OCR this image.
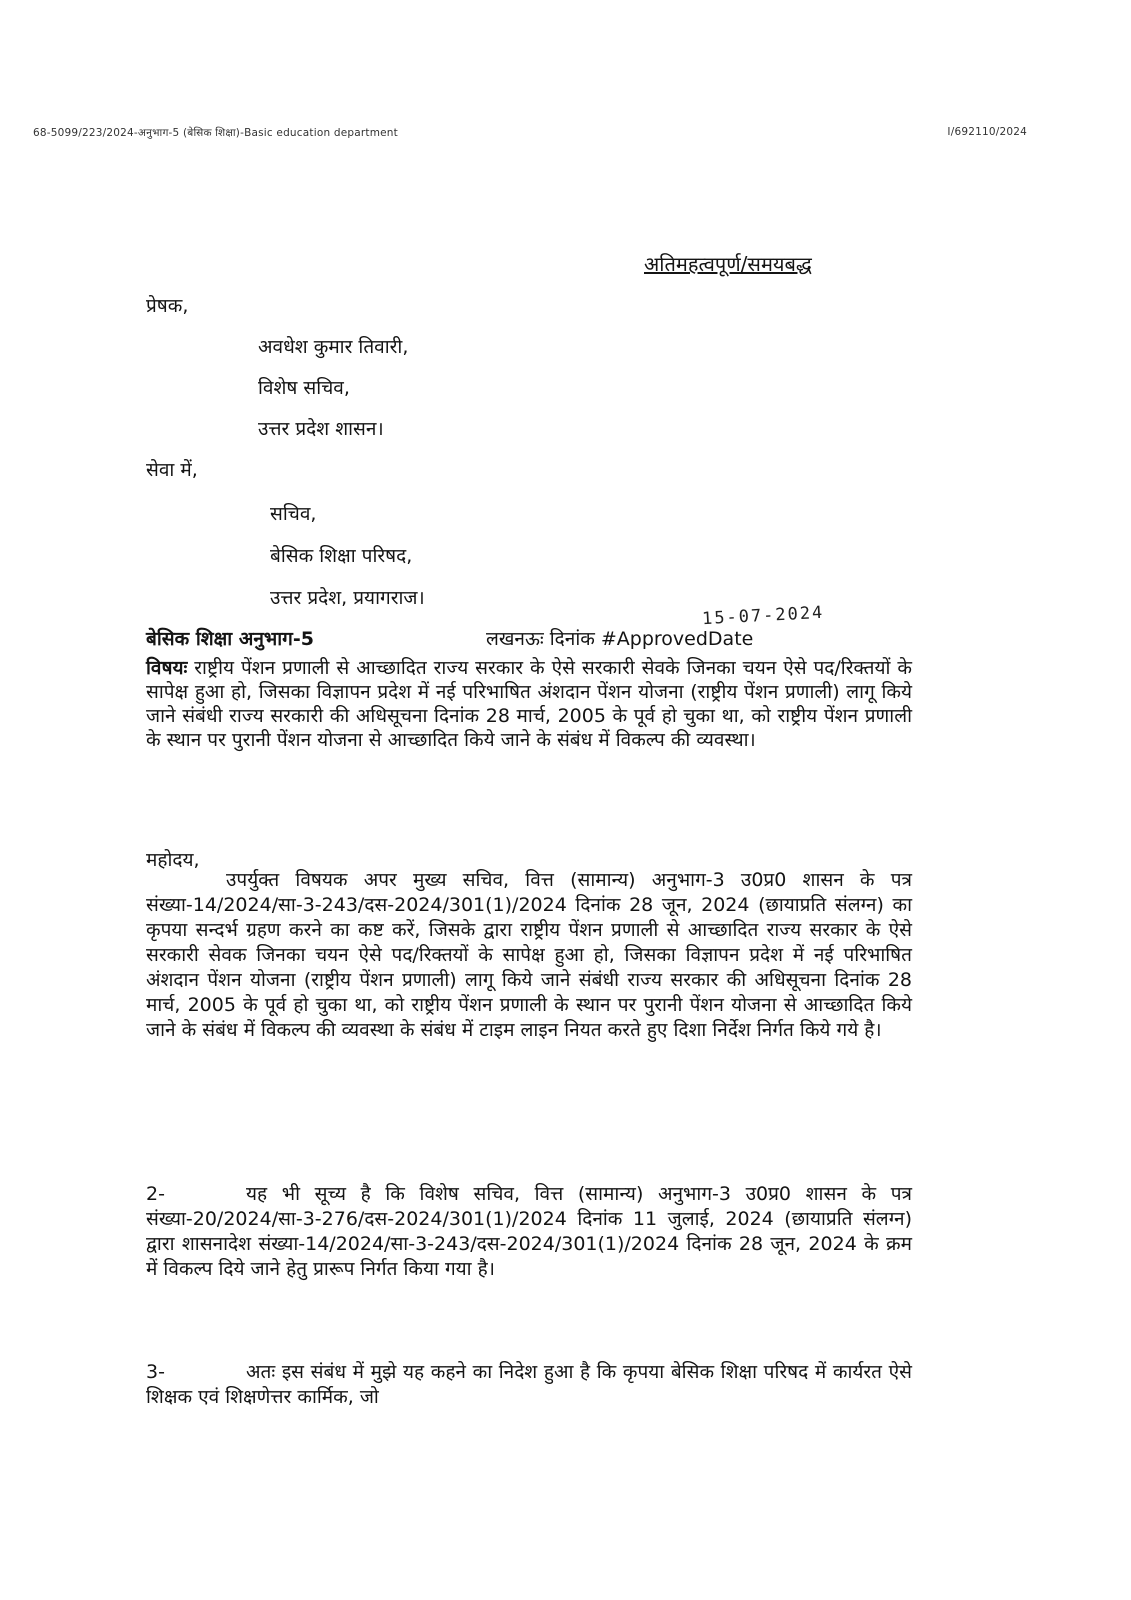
68-5099/223/2024-अनुभाग-5 (बेसिक शिक्षा)-Basic education department	I/692110/2024
अतिमहत्वपूर्ण/समयबद्ध
प्रेषक,
अवधेश कुमार तिवारी,
विशेष सचिव,
उत्तर प्रदेश शासन।
सेवा में,
सचिव,
बेसिक शिक्षा परिषद,
उत्तर प्रदेश, प्रयागराज।
15-07-2024
बेसिक शिक्षा अनुभाग-5	लखनऊः दिनांक #ApprovedDate
विषयः राष्ट्रीय पेंशन प्रणाली से आच्छादित राज्य सरकार के ऐसे सरकारी सेवके जिनका चयन ऐसे पद/रिक्तयों के सापेक्ष हुआ हो, जिसका विज्ञापन प्रदेश में नई परिभाषित अंशदान पेंशन योजना (राष्ट्रीय पेंशन प्रणाली) लागू किये जाने संबंधी राज्य सरकारी की अधिसूचना दिनांक 28 मार्च, 2005 के पूर्व हो चुका था, को राष्ट्रीय पेंशन प्रणाली के स्थान पर पुरानी पेंशन योजना से आच्छादित किये जाने के संबंध में विकल्प की व्यवस्था।
महोदय,
उपर्युक्त विषयक अपर मुख्य सचिव, वित्त (सामान्य) अनुभाग-3 उ0प्र0 शासन के पत्र संख्या-14/2024/सा-3-243/दस-2024/301(1)/2024 दिनांक 28 जून, 2024 (छायाप्रति संलग्न) का कृपया सन्दर्भ ग्रहण करने का कष्ट करें, जिसके द्वारा राष्ट्रीय पेंशन प्रणाली से आच्छादित राज्य सरकार के ऐसे सरकारी सेवक जिनका चयन ऐसे पद/रिक्तयों के सापेक्ष हुआ हो, जिसका विज्ञापन प्रदेश में नई परिभाषित अंशदान पेंशन योजना (राष्ट्रीय पेंशन प्रणाली) लागू किये जाने संबंधी राज्य सरकार की अधिसूचना दिनांक 28 मार्च, 2005 के पूर्व हो चुका था, को राष्ट्रीय पेंशन प्रणाली के स्थान पर पुरानी पेंशन योजना से आच्छादित किये जाने के संबंध में विकल्प की व्यवस्था के संबंध में टाइम लाइन नियत करते हुए दिशा निर्देश निर्गत किये गये है।
2-	यह भी सूच्य है कि विशेष सचिव, वित्त (सामान्य) अनुभाग-3 उ0प्र0 शासन के पत्र संख्या-20/2024/सा-3-276/दस-2024/301(1)/2024 दिनांक 11 जुलाई, 2024 (छायाप्रति संलग्न) द्वारा शासनादेश संख्या-14/2024/सा-3-243/दस-2024/301(1)/2024 दिनांक 28 जून, 2024 के क्रम में विकल्प दिये जाने हेतु प्रारूप निर्गत किया गया है।
3-	अतः इस संबंध में मुझे यह कहने का निदेश हुआ है कि कृपया बेसिक शिक्षा परिषद में कार्यरत ऐसे शिक्षक एवं शिक्षणेत्तर कार्मिक, जो
